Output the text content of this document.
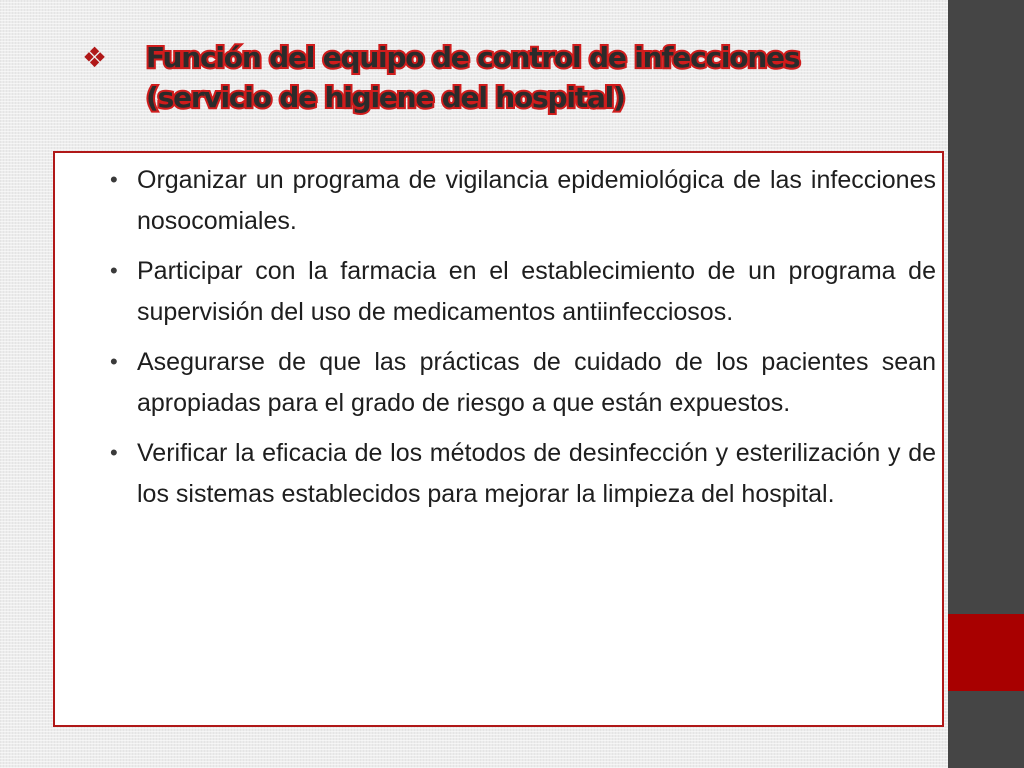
❖ Función del equipo de control de infecciones
(servicio de higiene del hospital)
• Organizar un programa de vigilancia epidemiológica de las infecciones nosocomiales.
• Participar con la farmacia en el establecimiento de un programa de supervisión del uso de medicamentos antiinfecciosos.
• Asegurarse de que las prácticas de cuidado de los pacientes sean apropiadas para el grado de riesgo a que están expuestos.
• Verificar la eficacia de los métodos de desinfección y esterilización y de los sistemas establecidos para mejorar la limpieza del hospital.
